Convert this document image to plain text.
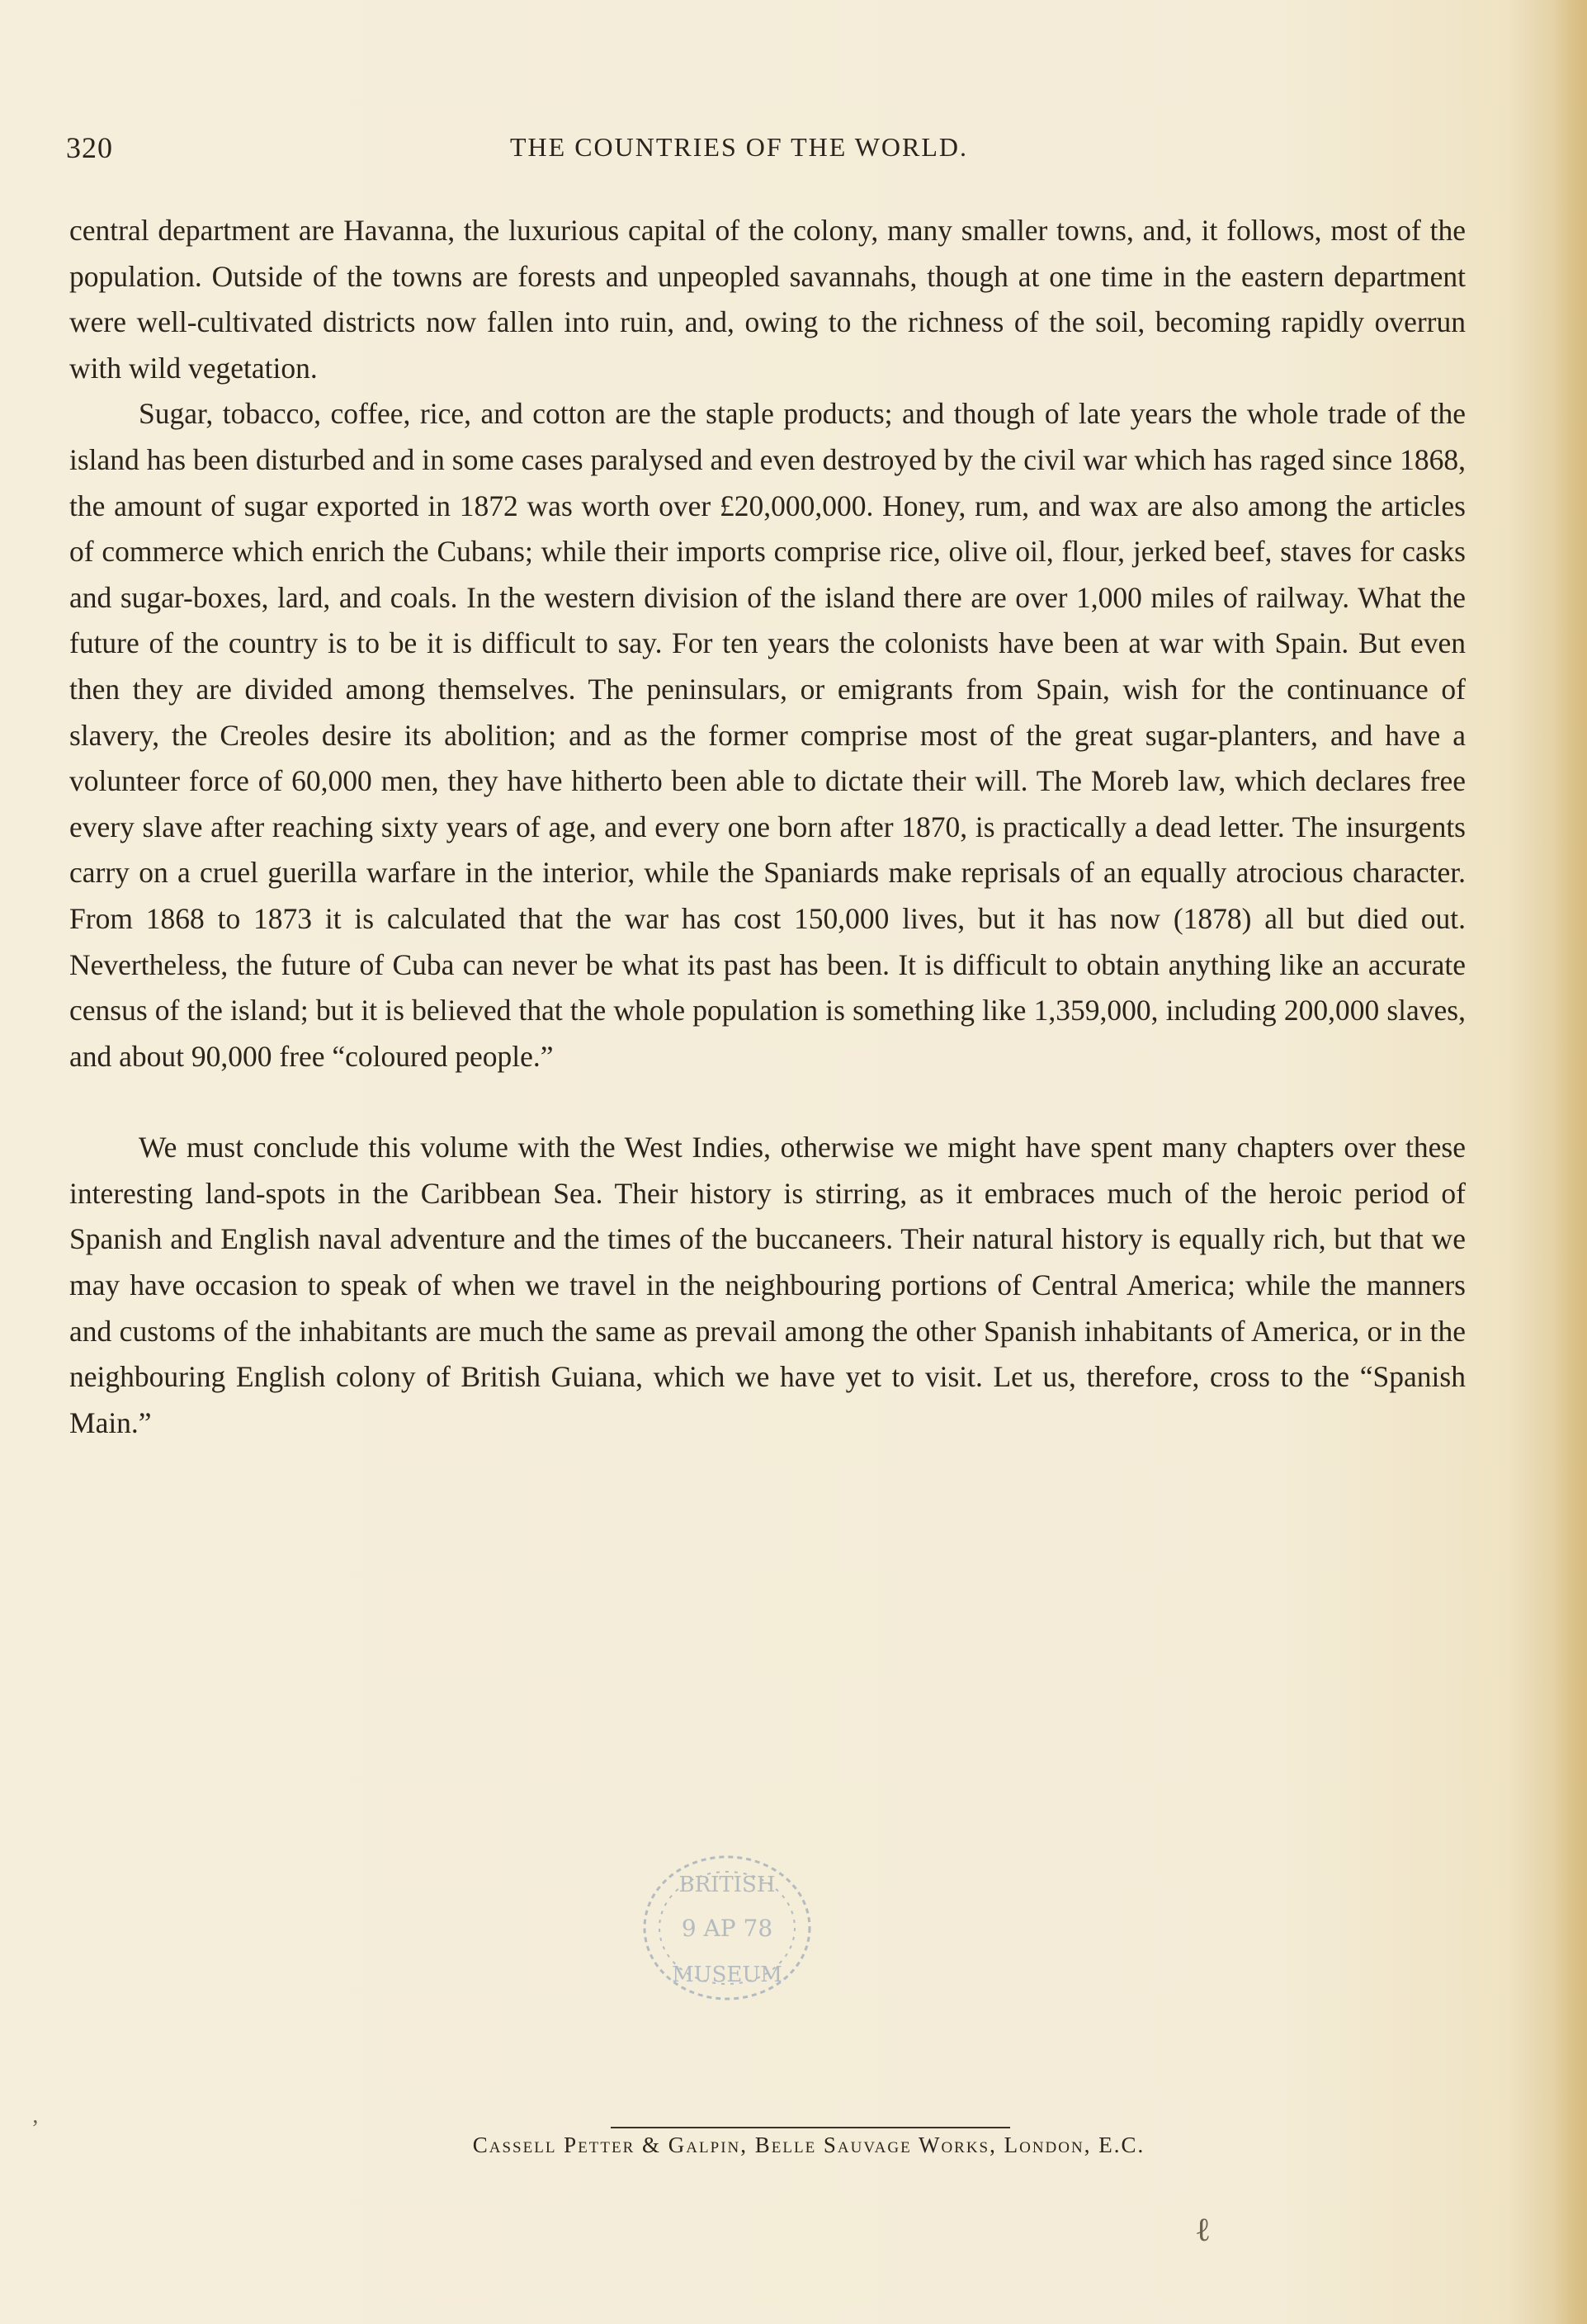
320	THE COUNTRIES OF THE WORLD.

central department are Havanna, the luxurious capital of the colony, many smaller towns, and, it follows, most of the population. Outside of the towns are forests and unpeopled savannahs, though at one time in the eastern department were well-cultivated districts now fallen into ruin, and, owing to the richness of the soil, becoming rapidly overrun with wild vegetation.

Sugar, tobacco, coffee, rice, and cotton are the staple products; and though of late years the whole trade of the island has been disturbed and in some cases paralysed and even destroyed by the civil war which has raged since 1868, the amount of sugar exported in 1872 was worth over £20,000,000. Honey, rum, and wax are also among the articles of commerce which enrich the Cubans; while their imports comprise rice, olive oil, flour, jerked beef, staves for casks and sugar-boxes, lard, and coals. In the western division of the island there are over 1,000 miles of railway. What the future of the country is to be it is difficult to say. For ten years the colonists have been at war with Spain. But even then they are divided among themselves. The peninsulars, or emigrants from Spain, wish for the continuance of slavery, the Creoles desire its abolition; and as the former comprise most of the great sugar-planters, and have a volunteer force of 60,000 men, they have hitherto been able to dictate their will. The Moreb law, which declares free every slave after reaching sixty years of age, and every one born after 1870, is practically a dead letter. The insurgents carry on a cruel guerilla warfare in the interior, while the Spaniards make reprisals of an equally atrocious character. From 1868 to 1873 it is calculated that the war has cost 150,000 lives, but it has now (1878) all but died out. Nevertheless, the future of Cuba can never be what its past has been. It is difficult to obtain anything like an accurate census of the island; but it is believed that the whole population is something like 1,359,000, including 200,000 slaves, and about 90,000 free “coloured people.”

We must conclude this volume with the West Indies, otherwise we might have spent many chapters over these interesting land-spots in the Caribbean Sea. Their history is stirring, as it embraces much of the heroic period of Spanish and English naval adventure and the times of the buccaneers. Their natural history is equally rich, but that we may have occasion to speak of when we travel in the neighbouring portions of Central America; while the manners and customs of the inhabitants are much the same as prevail among the other Spanish inhabitants of America, or in the neighbouring English colony of British Guiana, which we have yet to visit. Let us, therefore, cross to the “Spanish Main.”

BRITISH
9 AP 78
MUSEUM
Cassell Petter & Galpin, Belle Sauvage Works, London, E.C.
‚
ℓ
